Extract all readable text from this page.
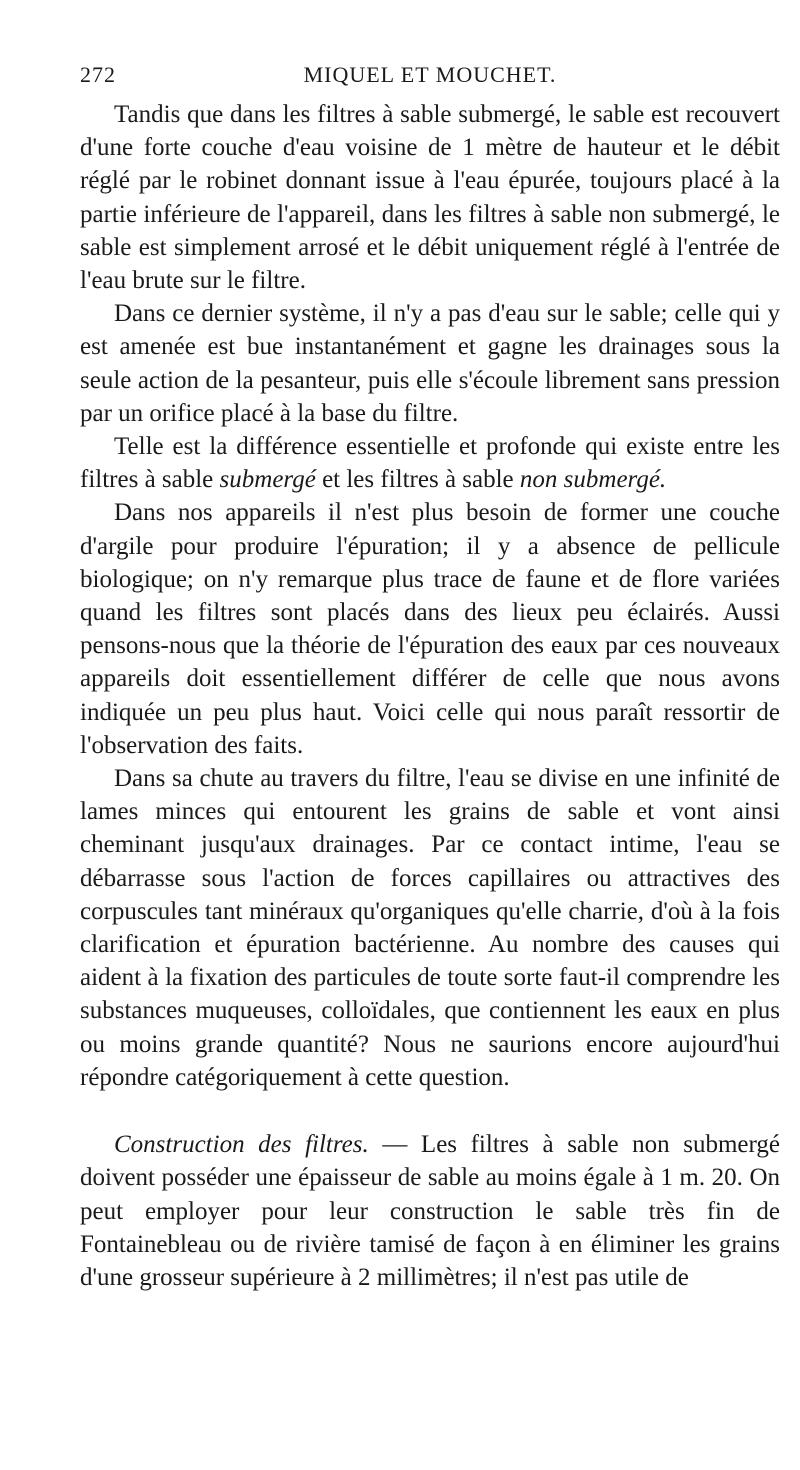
272	MIQUEL ET MOUCHET.

Tandis que dans les filtres à sable submergé, le sable est recouvert d'une forte couche d'eau voisine de 1 mètre de hauteur et le débit réglé par le robinet donnant issue à l'eau épurée, toujours placé à la partie inférieure de l'appareil, dans les filtres à sable non submergé, le sable est simplement arrosé et le débit uniquement réglé à l'entrée de l'eau brute sur le filtre.

Dans ce dernier système, il n'y a pas d'eau sur le sable; celle qui y est amenée est bue instantanément et gagne les drainages sous la seule action de la pesanteur, puis elle s'écoule librement sans pression par un orifice placé à la base du filtre.

Telle est la différence essentielle et profonde qui existe entre les filtres à sable submergé et les filtres à sable non submergé.

Dans nos appareils il n'est plus besoin de former une couche d'argile pour produire l'épuration; il y a absence de pellicule biologique; on n'y remarque plus trace de faune et de flore variées quand les filtres sont placés dans des lieux peu éclairés. Aussi pensons-nous que la théorie de l'épuration des eaux par ces nouveaux appareils doit essentiellement différer de celle que nous avons indiquée un peu plus haut. Voici celle qui nous paraît ressortir de l'observation des faits.

Dans sa chute au travers du filtre, l'eau se divise en une infinité de lames minces qui entourent les grains de sable et vont ainsi cheminant jusqu'aux drainages. Par ce contact intime, l'eau se débarrasse sous l'action de forces capillaires ou attractives des corpuscules tant minéraux qu'organiques qu'elle charrie, d'où à la fois clarification et épuration bactérienne. Au nombre des causes qui aident à la fixation des particules de toute sorte faut-il comprendre les substances muqueuses, colloïdales, que contiennent les eaux en plus ou moins grande quantité? Nous ne saurions encore aujourd'hui répondre catégoriquement à cette question.

Construction des filtres. — Les filtres à sable non submergé doivent posséder une épaisseur de sable au moins égale à 1 m. 20. On peut employer pour leur construction le sable très fin de Fontainebleau ou de rivière tamisé de façon à en éliminer les grains d'une grosseur supérieure à 2 millimètres; il n'est pas utile de
